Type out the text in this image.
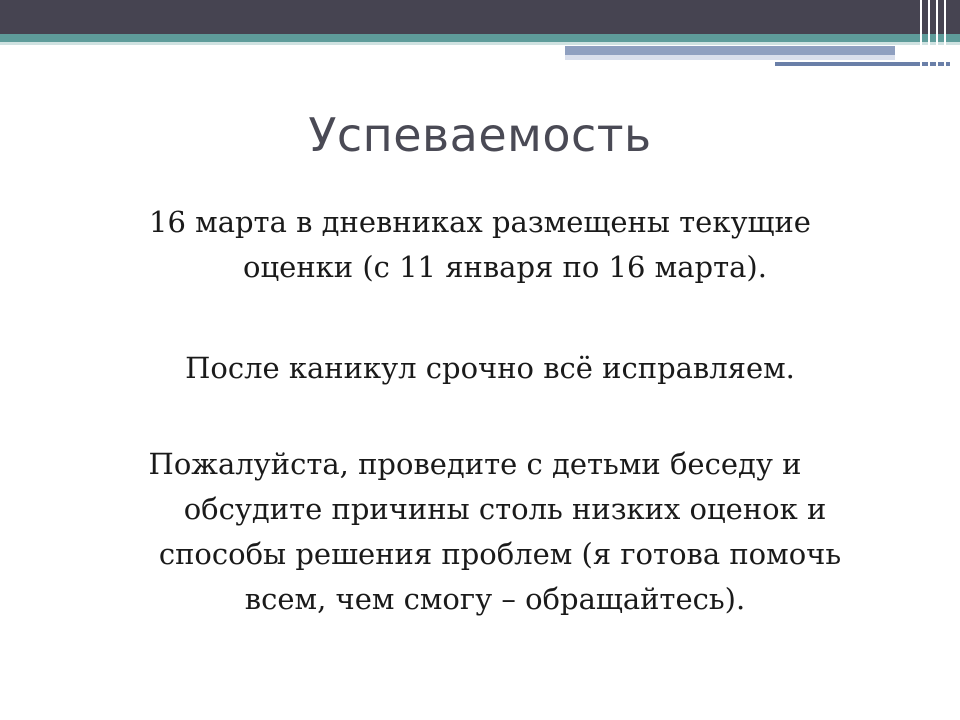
Успеваемость
16 марта в дневниках размещены текущие
оценки (с 11 января по 16 марта).
После каникул срочно всё исправляем.
Пожалуйста, проведите с детьми беседу и
обсудите причины столь низких оценок и
способы решения проблем (я готова помочь
всем, чем смогу – обращайтесь).
